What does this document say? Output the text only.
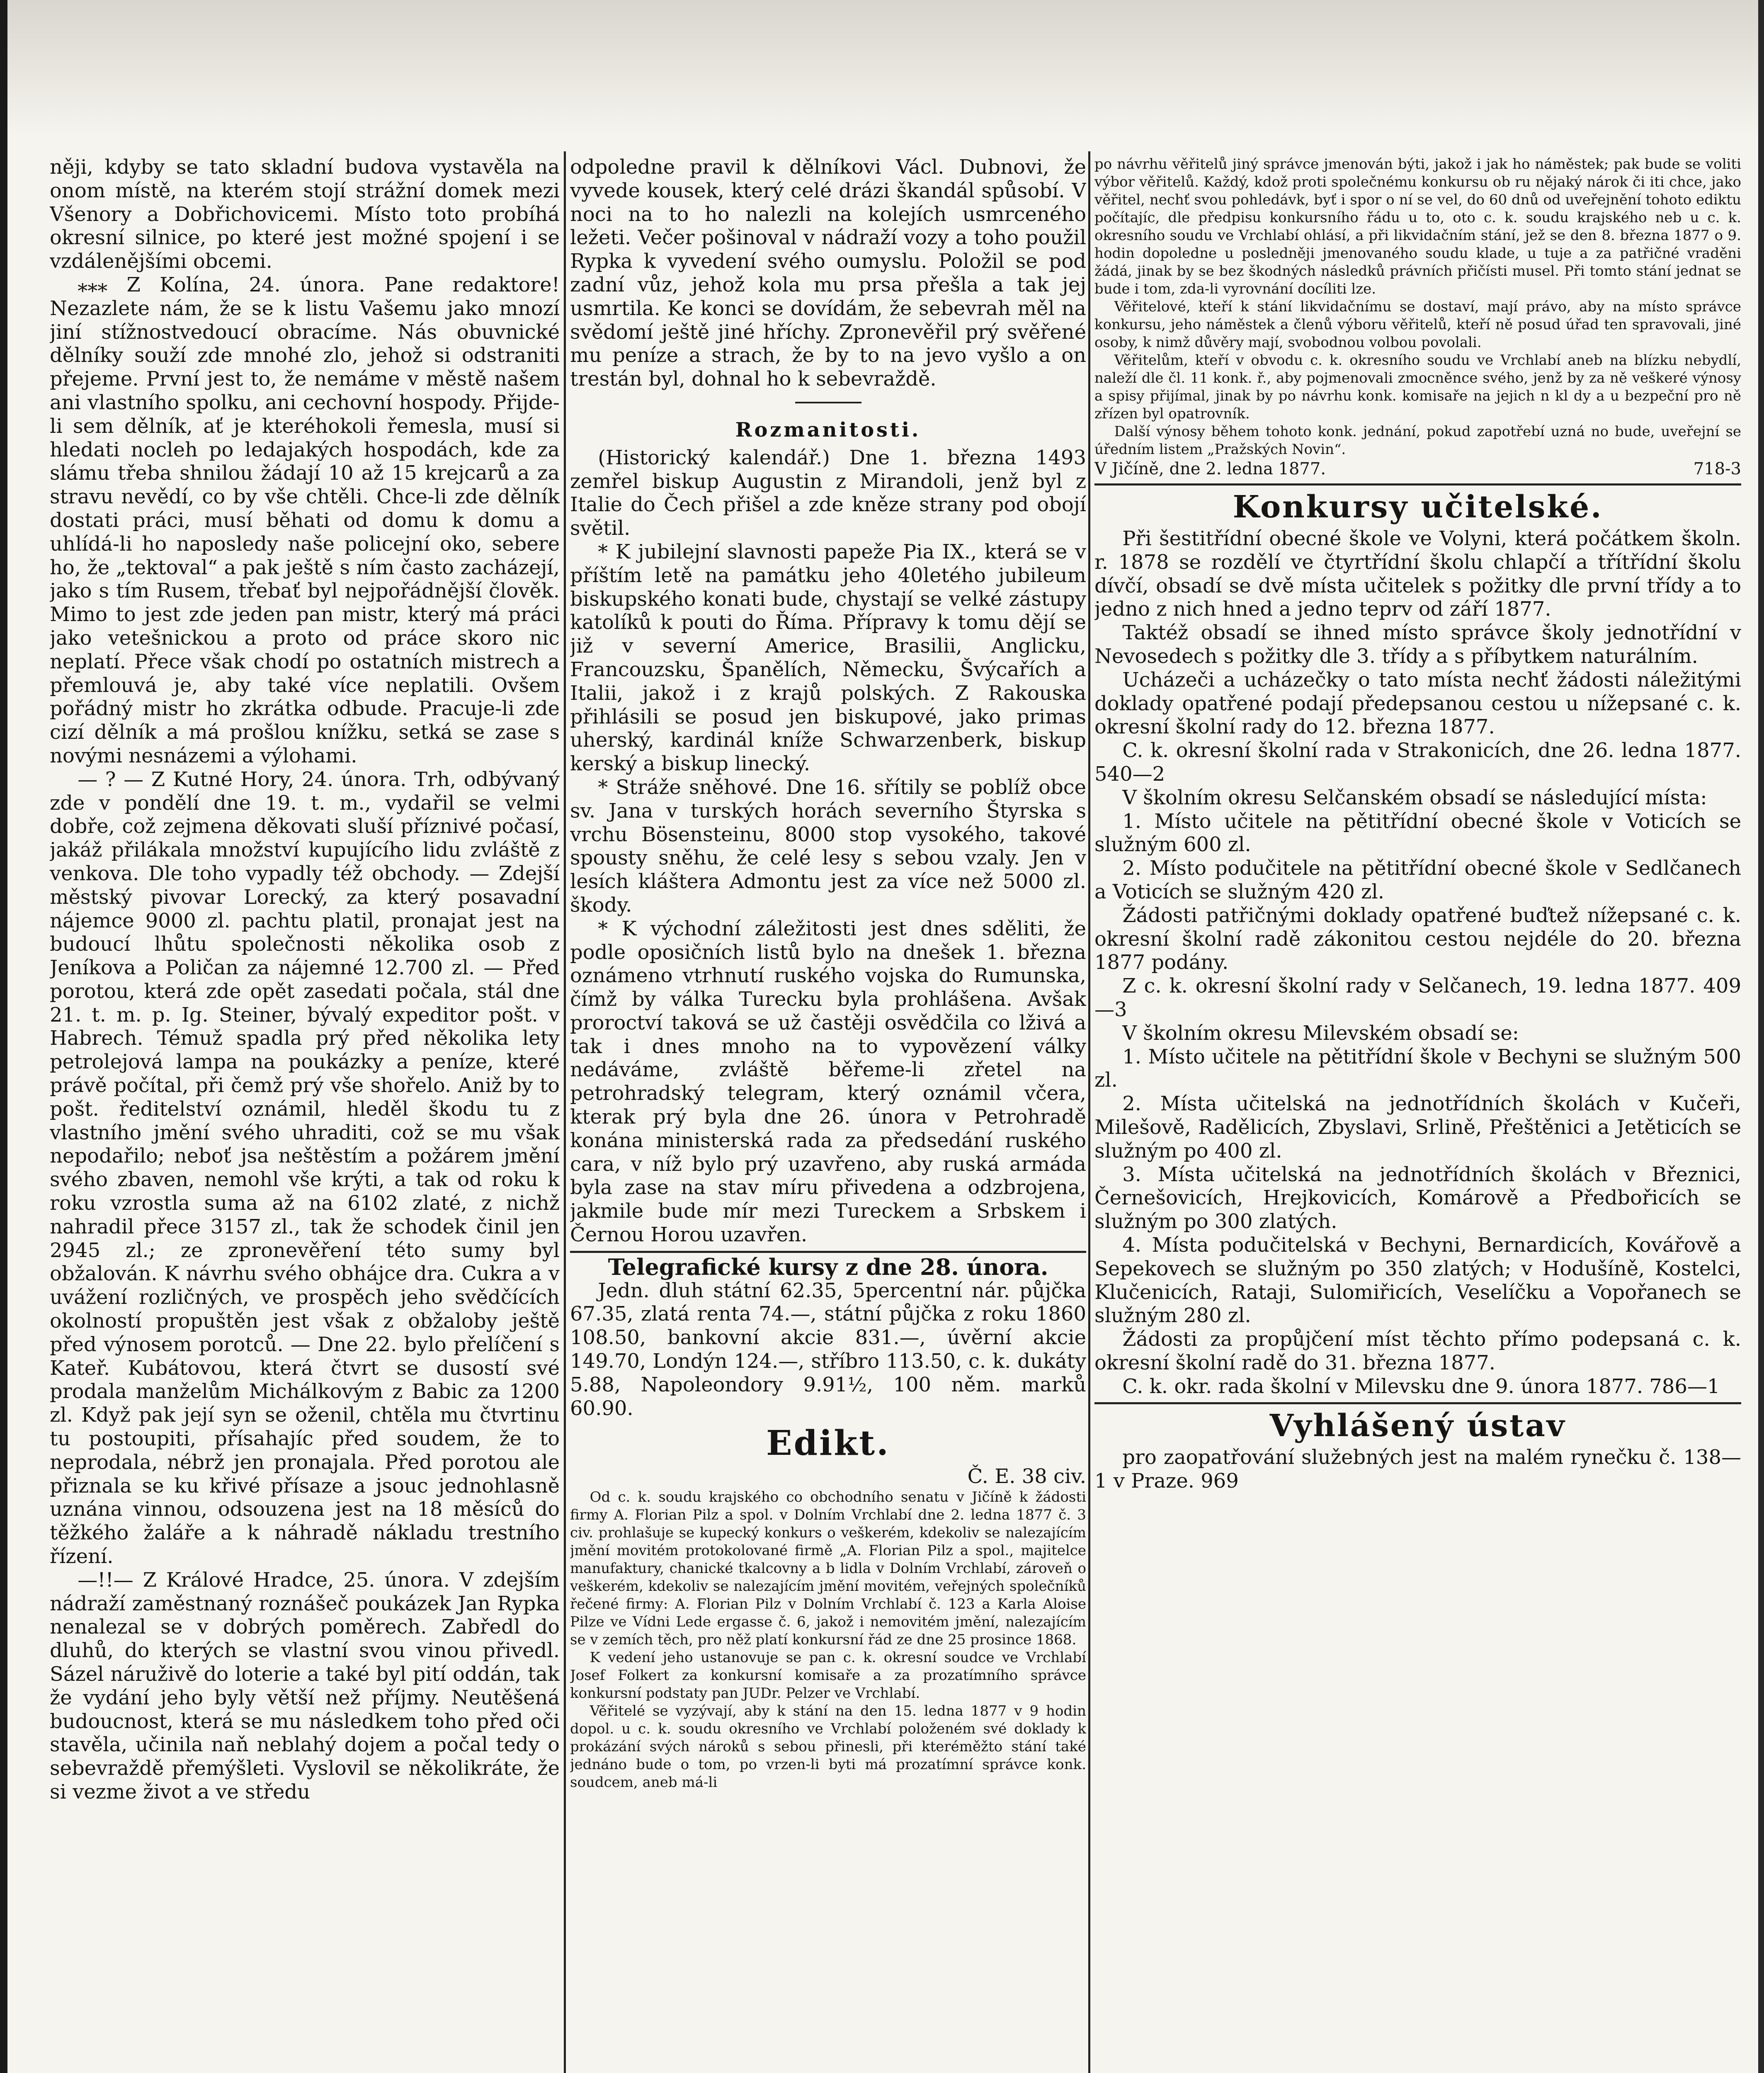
něji, kdyby se tato skladní budova vystavěla na onom místě, na kterém stojí strážní domek mezi Všenory a Dobřichovicemi. Místo toto probíhá okresní silnice, po které jest možné spojení i se vzdálenějšími obcemi.

⁎⁎⁎ Z Kolína, 24. února. Pane redaktore! Nezazlete nám, že se k listu Vašemu jako mnozí jiní stížnostvedoucí obracíme. Nás obuvnické dělníky souží zde mnohé zlo, jehož si odstraniti přejeme. První jest to, že nemáme v městě našem ani vlastního spolku, ani cechovní hospody. Přijde-li sem dělník, ať je kteréhokoli řemesla, musí si hledati nocleh po ledajakých hospodách, kde za slámu třeba shnilou žádají 10 až 15 krejcarů a za stravu nevědí, co by vše chtěli. Chce-li zde dělník dostati práci, musí běhati od domu k domu a uhlídá-li ho naposledy naše policejní oko, sebere ho, že „tektoval“ a pak ještě s ním často zacházejí, jako s tím Rusem, třebať byl nejpořádnější člověk. Mimo to jest zde jeden pan mistr, který má práci jako vetešnickou a proto od práce skoro nic neplatí. Přece však chodí po ostatních mistrech a přemlouvá je, aby také více neplatili. Ovšem pořádný mistr ho zkrátka odbude. Pracuje-li zde cizí dělník a má prošlou knížku, setká se zase s novými nesnázemi a výlohami.

— ? — Z Kutné Hory, 24. února. Trh, odbývaný zde v pondělí dne 19. t. m., vydařil se velmi dobře, což zejmena děkovati sluší příznivé počasí, jakáž přilákala množství kupujícího lidu zvláště z venkova. Dle toho vypadly též obchody. — Zdejší městský pivovar Lorecký, za který posavadní nájemce 9000 zl. pachtu platil, pronajat jest na budoucí lhůtu společnosti několika osob z Jeníkova a Poličan za nájemné 12.700 zl. — Před porotou, která zde opět zasedati počala, stál dne 21. t. m. p. Ig. Steiner, bývalý expeditor pošt. v Habrech. Témuž spadla prý před několika lety petrolejová lampa na poukázky a peníze, které právě počítal, při čemž prý vše shořelo. Aniž by to pošt. ředitelství oznámil, hleděl škodu tu z vlastního jmění svého uhraditi, což se mu však nepodařilo; neboť jsa neštěstím a požárem jmění svého zbaven, nemohl vše krýti, a tak od roku k roku vzrostla suma až na 6102 zlaté, z nichž nahradil přece 3157 zl., tak že schodek činil jen 2945 zl.; ze zpronevěření této sumy byl obžalován. K návrhu svého obhájce dra. Cukra a v uvážení rozličných, ve prospěch jeho svědčících okolností propuštěn jest však z obžaloby ještě před výnosem porotců. — Dne 22. bylo přelíčení s Kateř. Kubátovou, která čtvrt se dusostí své prodala manželům Michálkovým z Babic za 1200 zl. Když pak její syn se oženil, chtěla mu čtvrtinu tu postoupiti, přísahajíc před soudem, že to neprodala, nébrž jen pronajala. Před porotou ale přiznala se ku křivé přísaze a jsouc jednohlasně uznána vinnou, odsouzena jest na 18 měsíců do těžkého žaláře a k náhradě nákladu trestního řízení.

—!!— Z Králové Hradce, 25. února. V zdejším nádraží zaměstnaný roznášeč poukázek Jan Rypka nenalezal se v dobrých poměrech. Zabředl do dluhů, do kterých se vlastní svou vinou přivedl. Sázel náruživě do loterie a také byl pití oddán, tak že vydání jeho byly větší než příjmy. Neutěšená budoucnost, která se mu následkem toho před oči stavěla, učinila naň neblahý dojem a počal tedy o sebevraždě přemýšleti. Vyslovil se několikráte, že si vezme život a ve středu

odpoledne pravil k dělníkovi Václ. Dubnovi, že vyvede kousek, který celé drázi škandál spůsobí. V noci na to ho nalezli na kolejích usmrceného ležeti. Večer pošinoval v nádraží vozy a toho použil Rypka k vyvedení svého oumyslu. Položil se pod zadní vůz, jehož kola mu prsa přešla a tak jej usmrtila. Ke konci se dovídám, že sebevrah měl na svědomí ještě jiné hříchy. Zpronevěřil prý svěřené mu peníze a strach, že by to na jevo vyšlo a on trestán byl, dohnal ho k sebevraždě.

Rozmanitosti.

(Historický kalendář.) Dne 1. března 1493 zemřel biskup Augustin z Mirandoli, jenž byl z Italie do Čech přišel a zde kněze strany pod obojí světil.

* K jubilejní slavnosti papeže Pia IX., která se v příštím letě na památku jeho 40letého jubileum biskupského konati bude, chystají se velké zástupy katolíků k pouti do Říma. Přípravy k tomu dějí se již v severní Americe, Brasilii, Anglicku, Francouzsku, Španělích, Německu, Švýcařích a Italii, jakož i z krajů polských. Z Rakouska přihlásili se posud jen biskupové, jako primas uherský, kardinál kníže Schwarzenberk, biskup kerský a biskup linecký.

* Stráže sněhové. Dne 16. sřítily se poblíž obce sv. Jana v turských horách severního Štyrska s vrchu Bösensteinu, 8000 stop vysokého, takové spousty sněhu, že celé lesy s sebou vzaly. Jen v lesích kláštera Admontu jest za více než 5000 zl. škody.

* K východní záležitosti jest dnes sděliti, že podle oposičních listů bylo na dnešek 1. března oznámeno vtrhnutí ruského vojska do Rumunska, čímž by válka Turecku byla prohlášena. Avšak proroctví taková se už častěji osvědčila co lživá a tak i dnes mnoho na to vypovězení války nedáváme, zvláště běřeme-li zřetel na petrohradský telegram, který oznámil včera, kterak prý byla dne 26. února v Petrohradě konána ministerská rada za předsedání ruského cara, v níž bylo prý uzavřeno, aby ruská armáda byla zase na stav míru přivedena a odzbrojena, jakmile bude mír mezi Tureckem a Srbskem i Černou Horou uzavřen.

Telegrafické kursy z dne 28. února.

Jedn. dluh státní 62.35, 5percentní nár. půjčka 67.35, zlatá renta 74.—, státní půjčka z roku 1860 108.50, bankovní akcie 831.—, úvěrní akcie 149.70, Londýn 124.—, stříbro 113.50, c. k. dukáty 5.88, Napoleondory 9.91½, 100 něm. marků 60.90.

Edikt.
Č. E. 38 civ.

Od c. k. soudu krajského co obchodního senatu v Jičíně k žádosti firmy A. Florian Pilz a spol. v Dolním Vrchlabí dne 2. ledna 1877 č. 3 civ. prohlašuje se kupecký konkurs o veškerém, kdekoliv se nalezajícím jmění movitém protokolované firmě „A. Florian Pilz a spol., majitelce manufaktury, chanické tkalcovny a b lidla v Dolním Vrchlabí, zároveň o veškerém, kdekoliv se nalezajícím jmění movitém, veřejných společníků řečené firmy: A. Florian Pilz v Dolním Vrchlabí č. 123 a Karla Aloise Pilze ve Vídni Lede ergasse č. 6, jakož i nemovitém jmění, nalezajícím se v zemích těch, pro něž platí konkursní řád ze dne 25 prosince 1868.

K vedení jeho ustanovuje se pan c. k. okresní soudce ve Vrchlabí Josef Folkert za konkursní komisaře a za prozatímního správce konkursní podstaty pan JUDr. Pelzer ve Vrchlabí.

Věřitelé se vyzývají, aby k stání na den 15. ledna 1877 v 9 hodin dopol. u c. k. soudu okresního ve Vrchlabí položeném své doklady k prokázání svých nároků s sebou přinesli, při kteréměžto stání také jednáno bude o tom, po vrzen-li byti má prozatímní správce konk. soudcem, aneb má-li

po návrhu věřitelů jiný správce jmenován býti, jakož i jak ho náměstek; pak bude se voliti výbor věřitelů. Každý, kdož proti společnému konkursu ob ru nějaký nárok či iti chce, jako věřitel, nechť svou pohledávk, byť i spor o ní se vel, do 60 dnů od uveřejnění tohoto ediktu počítajíc, dle předpisu konkursního řádu u to, oto c. k. soudu krajského neb u c. k. okresního soudu ve Vrchlabí ohlásí, a při likvidačním stání, jež se den 8. března 1877 o 9. hodin dopoledne u posledněji jmenovaného soudu klade, u tuje a za patřičné vraděni žádá, jinak by se bez škodných následků právních přičísti musel. Při tomto stání jednat se bude i tom, zda-li vyrovnání docíliti lze.

Věřitelové, kteří k stání likvidačnímu se dostaví, mají právo, aby na místo správce konkursu, jeho náměstek a členů výboru věřitelů, kteří ně posud úřad ten spravovali, jiné osoby, k nimž důvěry mají, svobodnou volbou povolali.

Věřitelům, kteří v obvodu c. k. okresního soudu ve Vrchlabí aneb na blízku nebydlí, naleží dle čl. 11 konk. ř., aby pojmenovali zmocněnce svého, jenž by za ně veškeré výnosy a spisy přijímal, jinak by po návrhu konk. komisaře na jejich n kl dy a u bezpeční pro ně zřízen byl opatrovník.

Další výnosy během tohoto konk. jednání, pokud zapotřebí uzná no bude, uveřejní se úředním listem „Pražských Novin“.

V Jičíně, dne 2. ledna 1877.	718-3
Konkursy učitelské.

Při šestitřídní obecné škole ve Volyni, která počátkem školn. r. 1878 se rozdělí ve čtyrtřídní školu chlapčí a třítřídní školu dívčí, obsadí se dvě místa učitelek s požitky dle první třídy a to jedno z nich hned a jedno teprv od září 1877.

Taktéž obsadí se ihned místo správce školy jednotřídní v Nevosedech s požitky dle 3. třídy a s příbytkem naturálním.

Ucházeči a ucházečky o tato místa nechť žádosti náležitými doklady opatřené podají předepsanou cestou u nížepsané c. k. okresní školní rady do 12. března 1877.

C. k. okresní školní rada v Strakonicích, dne 26. ledna 1877. 540—2

V školním okresu Selčanském obsadí se následující místa:

1. Místo učitele na pětitřídní obecné škole v Voticích se služným 600 zl.

2. Místo podučitele na pětitřídní obecné škole v Sedlčanech a Voticích se služným 420 zl.

Žádosti patřičnými doklady opatřené buďtež nížepsané c. k. okresní školní radě zákonitou cestou nejdéle do 20. března 1877 podány.

Z c. k. okresní školní rady v Selčanech, 19. ledna 1877. 409—3

V školním okresu Milevském obsadí se:

1. Místo učitele na pětitřídní škole v Bechyni se služným 500 zl.

2. Místa učitelská na jednotřídních školách v Kučeři, Milešově, Radělicích, Zbyslavi, Srlině, Přeštěnici a Jetěticích se služným po 400 zl.

3. Místa učitelská na jednotřídních školách v Březnici, Černešovicích, Hrejkovicích, Komárově a Předbořicích se služným po 300 zlatých.

4. Místa podučitelská v Bechyni, Bernardicích, Kovářově a Sepekovech se služným po 350 zlatých; v Hodušíně, Kostelci, Klučenicích, Rataji, Sulomiřicích, Veselíčku a Vopořanech se služným 280 zl.

Žádosti za propůjčení míst těchto přímo podepsaná c. k. okresní školní radě do 31. března 1877.

C. k. okr. rada školní v Milevsku dne 9. února 1877. 786—1

Vyhlášený ústav

pro zaopatřování služebných jest na malém rynečku č. 138—1 v Praze. 969
